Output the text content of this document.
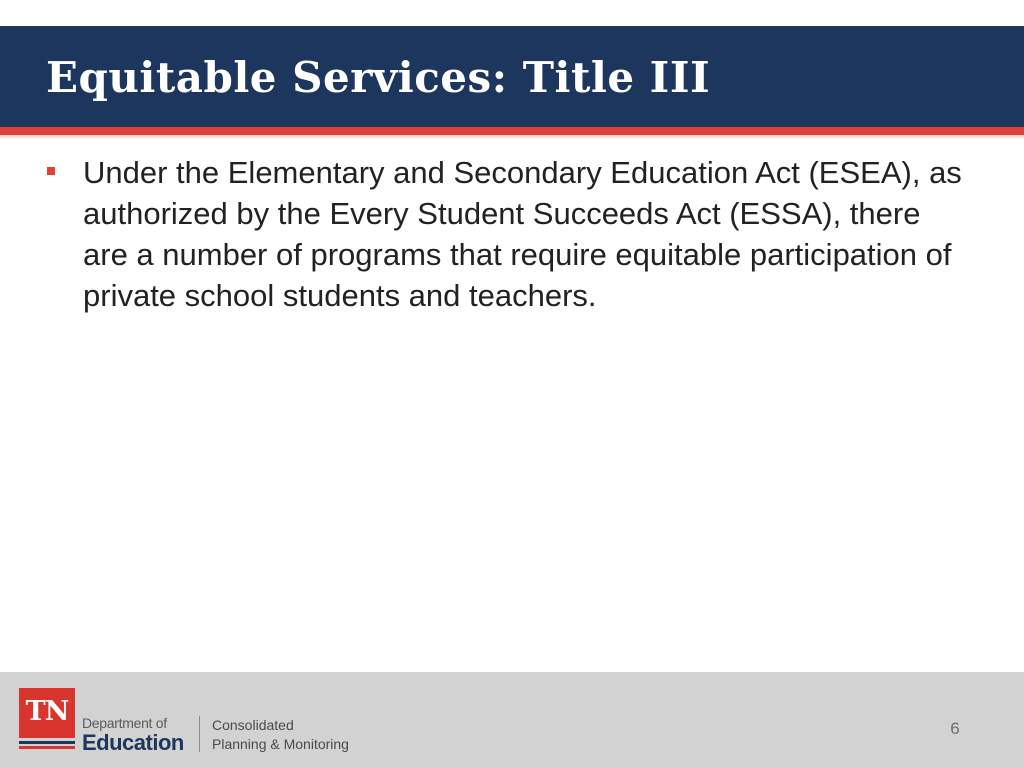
Equitable Services: Title III
Under the Elementary and Secondary Education Act (ESEA), as authorized by the Every Student Succeeds Act (ESSA), there are a number of programs that require equitable participation of private school students and teachers.
TN Department of
Education
Consolidated
Planning & Monitoring
6
